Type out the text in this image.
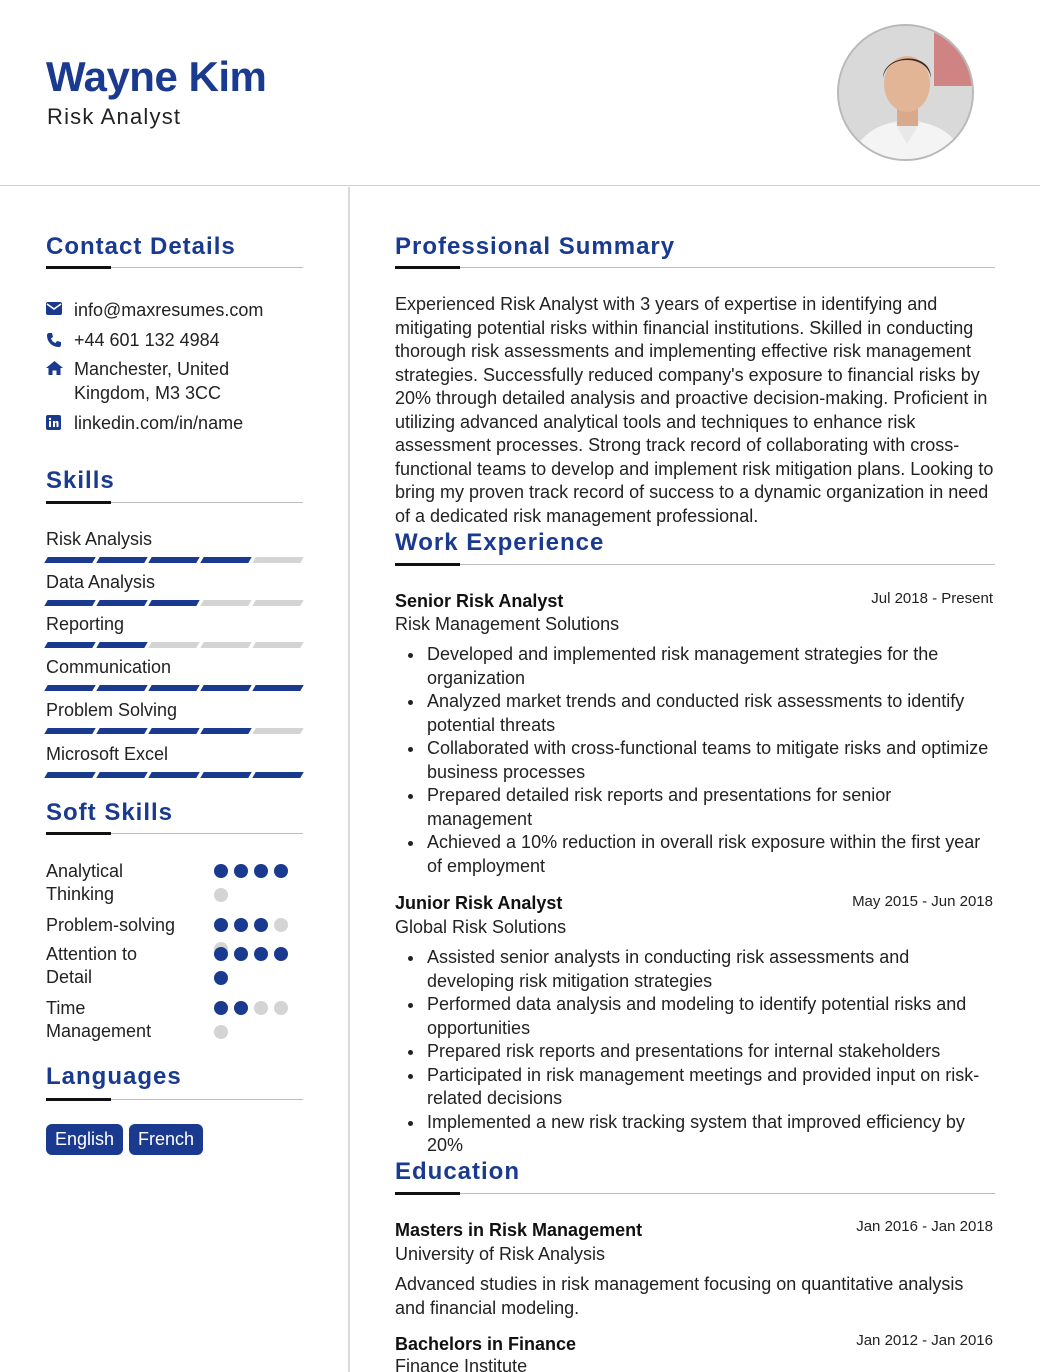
Wayne Kim
Risk Analyst
Contact Details
info@maxresumes.com
+44 601 132 4984
Manchester, United Kingdom, M3 3CC
linkedin.com/in/name
Skills
Risk Analysis
Data Analysis
Reporting
Communication
Problem Solving
Microsoft Excel
Soft Skills
Analytical Thinking
Problem-solving
Attention to Detail
Time Management
Languages
English French
Professional Summary
Experienced Risk Analyst with 3 years of expertise in identifying and mitigating potential risks within financial institutions. Skilled in conducting thorough risk assessments and implementing effective risk management strategies. Successfully reduced company's exposure to financial risks by 20% through detailed analysis and proactive decision-making. Proficient in utilizing advanced analytical tools and techniques to enhance risk assessment processes. Strong track record of collaborating with cross-functional teams to develop and implement risk mitigation plans. Looking to bring my proven track record of success to a dynamic organization in need of a dedicated risk management professional.
Work Experience
Senior Risk Analyst	Jul 2018 - Present
Risk Management Solutions
Developed and implemented risk management strategies for the organization
Analyzed market trends and conducted risk assessments to identify potential threats
Collaborated with cross-functional teams to mitigate risks and optimize business processes
Prepared detailed risk reports and presentations for senior management
Achieved a 10% reduction in overall risk exposure within the first year of employment
Junior Risk Analyst	May 2015 - Jun 2018
Global Risk Solutions
Assisted senior analysts in conducting risk assessments and developing risk mitigation strategies
Performed data analysis and modeling to identify potential risks and opportunities
Prepared risk reports and presentations for internal stakeholders
Participated in risk management meetings and provided input on risk-related decisions
Implemented a new risk tracking system that improved efficiency by 20%
Education
Masters in Risk Management	Jan 2016 - Jan 2018
University of Risk Analysis
Advanced studies in risk management focusing on quantitative analysis and financial modeling.
Bachelors in Finance	Jan 2012 - Jan 2016
Finance Institute
